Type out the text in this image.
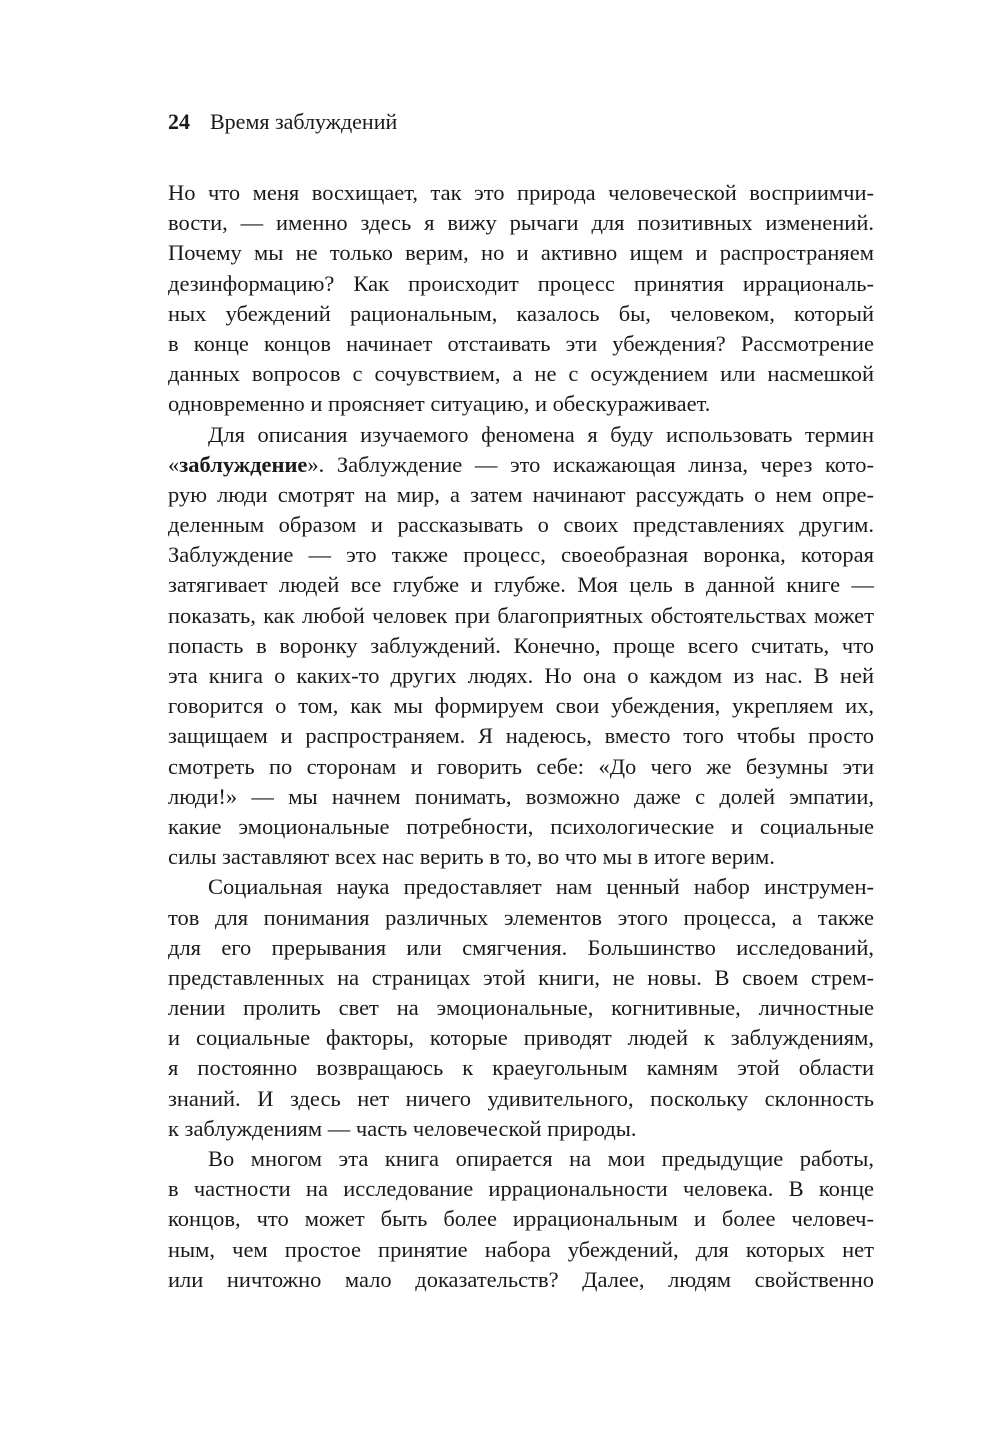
24 Время заблуждений
Но что меня восхищает, так это природа человеческой восприимчи-
вости, — именно здесь я вижу рычаги для позитивных изменений.
Почему мы не только верим, но и активно ищем и распространяем
дезинформацию? Как происходит процесс принятия иррациональ-
ных убеждений рациональным, казалось бы, человеком, который
в конце концов начинает отстаивать эти убеждения? Рассмотрение
данных вопросов с сочувствием, а не с осуждением или насмешкой
одновременно и проясняет ситуацию, и обескураживает.
Для описания изучаемого феномена я буду использовать термин
«заблуждение». Заблуждение — это искажающая линза, через кото-
рую люди смотрят на мир, а затем начинают рассуждать о нем опре-
деленным образом и рассказывать о своих представлениях другим.
Заблуждение — это также процесс, своеобразная воронка, которая
затягивает людей все глубже и глубже. Моя цель в данной книге —
показать, как любой человек при благоприятных обстоятельствах может
попасть в воронку заблуждений. Конечно, проще всего считать, что
эта книга о каких-то других людях. Но она о каждом из нас. В ней
говорится о том, как мы формируем свои убеждения, укрепляем их,
защищаем и распространяем. Я надеюсь, вместо того чтобы просто
смотреть по сторонам и говорить себе: «До чего же безумны эти
люди!» — мы начнем понимать, возможно даже с долей эмпатии,
какие эмоциональные потребности, психологические и социальные
силы заставляют всех нас верить в то, во что мы в итоге верим.
Социальная наука предоставляет нам ценный набор инструмен-
тов для понимания различных элементов этого процесса, а также
для его прерывания или смягчения. Большинство исследований,
представленных на страницах этой книги, не новы. В своем стрем-
лении пролить свет на эмоциональные, когнитивные, личностные
и социальные факторы, которые приводят людей к заблуждениям,
я постоянно возвращаюсь к краеугольным камням этой области
знаний. И здесь нет ничего удивительного, поскольку склонность
к заблуждениям — часть человеческой природы.
Во многом эта книга опирается на мои предыдущие работы,
в частности на исследование иррациональности человека. В конце
концов, что может быть более иррациональным и более человеч-
ным, чем простое принятие набора убеждений, для которых нет
или ничтожно мало доказательств? Далее, людям свойственно
